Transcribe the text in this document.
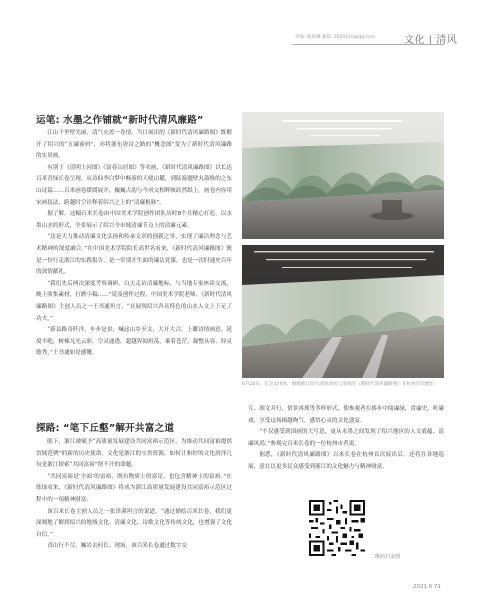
责编: 陆海琳 邮箱: 2050410@qq.com	文化 | 清风
运笔: 水墨之作铺就“新时代清风廉路”

江山千里壁光丽，清气充盈一卷情。当日展出的《新时代清风廉路图》既解开了绍兴的“五廉密码”，亦将浙东唐诗之路的“概念图”变为了新时代清风廉路的实景画。

有别于《清明上河图》《富春山居图》等名画，《新时代清风廉路图》以长达百米青绿长卷呈现。从诗仙李白梦中畅游的天姥山麓，到陆游题壁丸鼓焕的之东山诗篇……百米画卷缓缓展开，巍巍古韵与今风交相辉映跃然纸上。画卷内容用宋画技法，跨越时空诠释着绍兴之上的“清廉根脉”。

据了解，这幅百米长卷由中国美术学院创作团队历时8个月精心打造，以水墨山水的形式，全景展示了绍兴全市域清廉节点上的清廉元素。

“这是大力推动清廉文化弘扬和传承文章的创新之举，实现了廉洁理念与艺术精神的深度融合。”在中国美术学院院长高世名看来，《新时代清风廉路图》既是一份行走浙江的实践报告，是一堂别开生面的廉洁党课，也是一次时速史百年的深情献礼。

“我们先后两次深度考察调研，白天走访清廉地标，与当地专家座谈交流，晚上收集素材，打磨小稿……”说及创作过程，中国美术学院老师、《新时代清风廉路图》主创人员之一王书通坦言，“在展现绍兴各具特色的山水人文上下足了功夫。”

“新县路奇阡洋，步步是景，喊这山乡至文，大开大合，上囊诗情画意，延境不绝，树梯凡光云彩，空灵通透，超越界阅班荡，乘着苍茫，凝整从容，锌灵敏秀，”王书通如是感慨。

探路: “笔下丘壑”解开共富之道

眼下，浙江被赋予“高质量发展建设共同富裕示范区，为推动共同富裕提供省域范例”的新的历史使命。文化是浙江的宝贵资源，如何让和好的文化润泽几旬是浙江探索“共同富裕”绕不开的命题。

“共同富裕是‘全面’的富裕，既有物质上的富足，也包含精神上的富裕。”在练灿看来，《新时代清风廉路图》将成为浙江高质量发展建设共同富裕示范区过程中的一项精神财富。

该百米长卷主创人员之一张泽溪坦言的说道，“通过描绘百米长卷，我们更深刻地了解到绍兴的地域文化、清廉文化、诗歌文化等传统文化，也增强了文化自信。”

青山行不尽，巍岩去何长。现场，该百米长卷通过数字交

6月26日，长达110米，缓缓浙江绍兴清风清风与清风的《新时代清风廉路图》在杭州首次展出

互、图文并行，借景再现等多样形式，使参观者在移步中阅廉绿，赏廉史，听廉戏，享受这场揭越绚气，感悟心灵的文化盛宴。

“不仅感受到国画的大写意，更从水墨之间发现了绍兴地区的人文底蕴、清廉风尚。”参观完百米长卷的一位杭州市者说。

据悉，《新时代清风廉路图》百米长卷在杭州首次展出后，还将在各地巡展，意在以更多民众感受到浙江的文化魅力与精神财富。

二维码扫金图
2021.6 71
